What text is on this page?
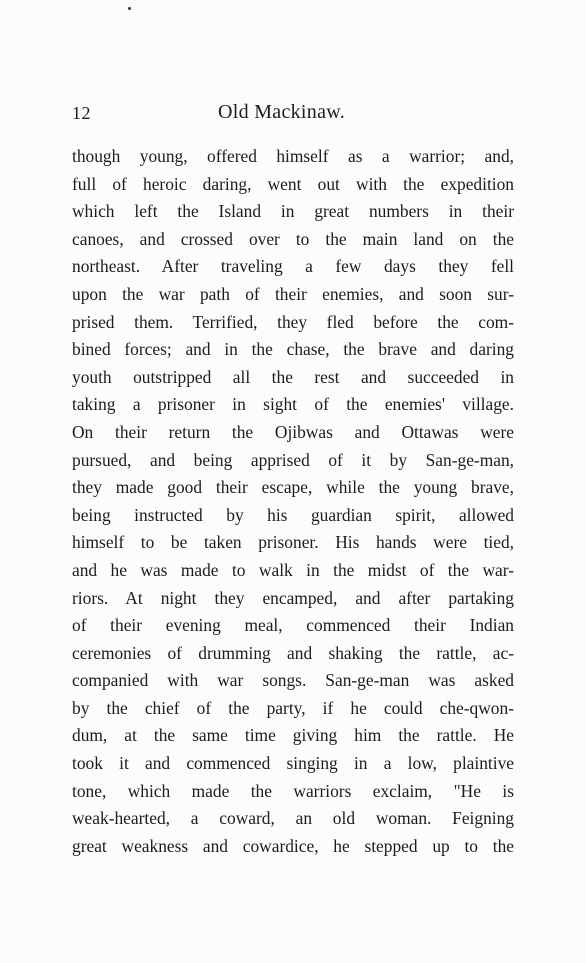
12	Old Mackinaw.
though young, offered himself as a warrior; and,
full of heroic daring, went out with the expedition
which left the Island in great numbers in their
canoes, and crossed over to the main land on the
northeast. After traveling a few days they fell
upon the war path of their enemies, and soon sur-
prised them. Terrified, they fled before the com-
bined forces; and in the chase, the brave and daring
youth outstripped all the rest and succeeded in
taking a prisoner in sight of the enemies' village.
On their return the Ojibwas and Ottawas were
pursued, and being apprised of it by San-ge-man,
they made good their escape, while the young brave,
being instructed by his guardian spirit, allowed
himself to be taken prisoner. His hands were tied,
and he was made to walk in the midst of the war-
riors. At night they encamped, and after partaking
of their evening meal, commenced their Indian
ceremonies of drumming and shaking the rattle, ac-
companied with war songs. San-ge-man was asked
by the chief of the party, if he could che-qwon-
dum, at the same time giving him the rattle. He
took it and commenced singing in a low, plaintive
tone, which made the warriors exclaim, "He is
weak-hearted, a coward, an old woman. Feigning
great weakness and cowardice, he stepped up to the
